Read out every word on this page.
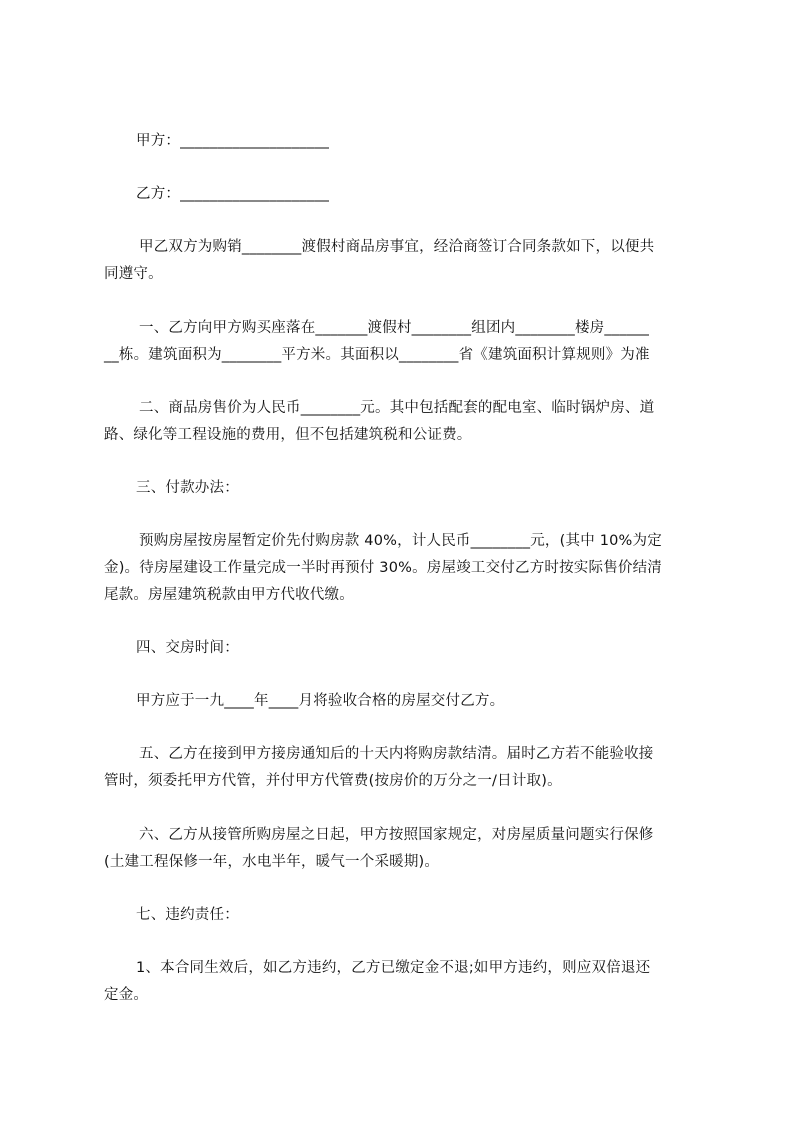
甲方：____________________
乙方：____________________
甲乙双方为购销________渡假村商品房事宜，经洽商签订合同条款如下，以便共
同遵守。
一、乙方向甲方购买座落在_______渡假村________组团内________楼房______
__栋。建筑面积为________平方米。其面积以________省《建筑面积计算规则》为准
二、商品房售价为人民币________元。其中包括配套的配电室、临时锅炉房、道
路、绿化等工程设施的费用，但不包括建筑税和公证费。
三、付款办法：
预购房屋按房屋暂定价先付购房款 40%，计人民币________元，(其中 10%为定
金)。待房屋建设工作量完成一半时再预付 30%。房屋竣工交付乙方时按实际售价结清
尾款。房屋建筑税款由甲方代收代缴。
四、交房时间：
甲方应于一九____年____月将验收合格的房屋交付乙方。
五、乙方在接到甲方接房通知后的十天内将购房款结清。届时乙方若不能验收接
管时，须委托甲方代管，并付甲方代管费(按房价的万分之一/日计取)。
六、乙方从接管所购房屋之日起，甲方按照国家规定，对房屋质量问题实行保修
(土建工程保修一年，水电半年，暖气一个采暖期)。
七、违约责任：
1、本合同生效后，如乙方违约，乙方已缴定金不退;如甲方违约，则应双倍退还
定金。
